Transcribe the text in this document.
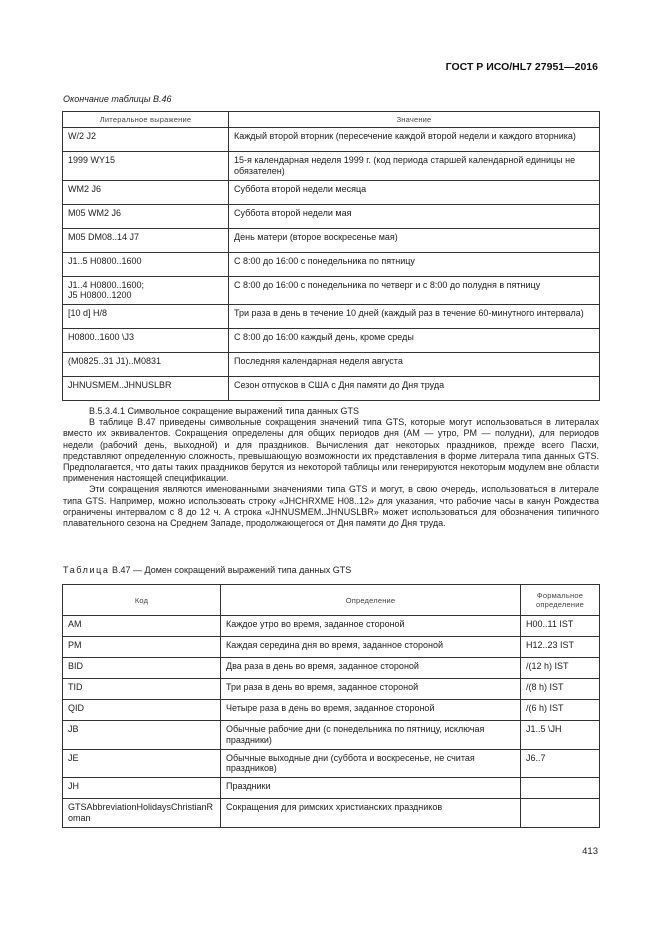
ГОСТ Р ИСО/HL7 27951—2016
Окончание таблицы В.46
Литеральное выражение	Значение
W/2 J2	Каждый второй вторник (пересечение каждой второй недели и каждого вторника)
1999 WY15	15-я календарная неделя 1999 г. (код периода старшей календарной единицы не обязателен)
WM2 J6	Суббота второй недели месяца
M05 WM2 J6	Суббота второй недели мая
M05 DM08..14 J7	День матери (второе воскресенье мая)
J1..5 H0800..1600	С 8:00 до 16:00 с понедельника по пятницу
J1..4 H0800..1600;
J5 H0800..1200	С 8:00 до 16:00 с понедельника по четверг и с 8:00 до полудня в пятницу
[10 d] H/8	Три раза в день в течение 10 дней (каждый раз в течение 60-минутного интервала)
H0800..1600 \J3	С 8:00 до 16:00 каждый день, кроме среды
(M0825..31 J1)..M0831	Последняя календарная неделя августа
JHNUSMEM..JHNUSLBR	Сезон отпусков в США с Дня памяти до Дня труда

В.5.3.4.1 Символьное сокращение выражений типа данных GTS

В таблице В.47 приведены символьные сокращения значений типа GTS, которые могут использоваться в литералах вместо их эквивалентов. Сокращения определены для общих периодов дня (AM — утро, PM — полудни), для периодов недели (рабочий день, выходной) и для праздников. Вычисления дат некоторых праздников, прежде всего Пасхи, представляют определенную сложность, превышающую возможности их представления в форме литерала типа данных GTS. Предполагается, что даты таких праздников берутся из некоторой таблицы или генерируются некоторым модулем вне области применения настоящей спецификации.

Эти сокращения являются именованными значениями типа GTS и могут, в свою очередь, использоваться в литерале типа GTS. Например, можно использовать строку «JHCHRXME H08..12» для указания, что рабочие часы в канун Рождества ограничены интервалом с 8 до 12 ч. А строка «JHNUSMEM..JHNUSLBR» может использоваться для обозначения типичного плавательного сезона на Среднем Западе, продолжающегося от Дня памяти до Дня труда.

Таблица В.47 — Домен сокращений выражений типа данных GTS
Код	Определение	Формальное определение
AM	Каждое утро во время, заданное стороной	H00..11 IST
PM	Каждая середина дня во время, заданное стороной	H12..23 IST
BID	Два раза в день во время, заданное стороной	/(12 h) IST
TID	Три раза в день во время, заданное стороной	/(8 h) IST
QID	Четыре раза в день во время, заданное стороной	/(6 h) IST
JB	Обычные рабочие дни (с понедельника по пятницу, исключая праздники)	J1..5 \JH
JE	Обычные выходные дни (суббота и воскресенье, не считая праздников)	J6..7
JH	Праздники	
GTSAbbreviationHolidaysChristianRoman	Сокращения для римских христианских праздников	
413
